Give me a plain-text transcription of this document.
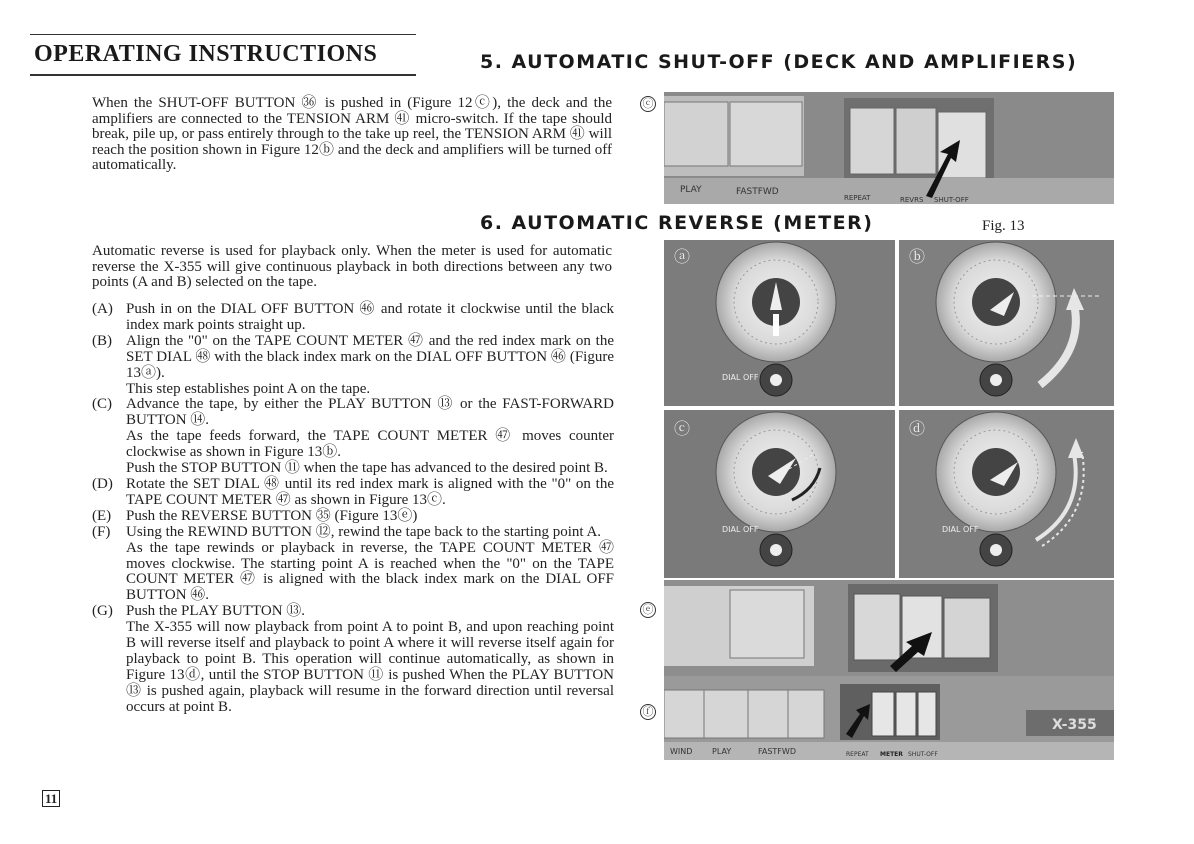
OPERATING INSTRUCTIONS	5. AUTOMATIC SHUT-OFF (DECK AND AMPLIFIERS)
When the SHUT-OFF BUTTON ㊱ is pushed in (Figure 12ⓒ), the deck and the amplifiers are connected to the TENSION ARM ㊶ micro-switch. If the tape should break, pile up, or pass entirely through to the take up reel, the TENSION ARM ㊶ will reach the position shown in Figure 12ⓑ and the deck and amplifiers will be turned off automatically.
ⓒ
PLAY	FASTFWD
REPEAT	REVRS SHUT-OFF
6. AUTOMATIC REVERSE (METER)	Fig. 13
Automatic reverse is used for playback only. When the meter is used for automatic reverse the X-355 will give continuous playback in both directions between any two points (A and B) selected on the tape.
(A) Push in on the DIAL OFF BUTTON ㊻ and rotate it clockwise until the black index mark points straight up.

(B) Align the "0" on the TAPE COUNT METER ㊼ and the red index mark on the SET DIAL ㊽ with the black index mark on the DIAL OFF BUTTON ㊻ (Figure 13ⓐ).

This step establishes point A on the tape.

(C) Advance the tape, by either the PLAY BUTTON ⑬ or the FAST-FORWARD BUTTON ⑭.

As the tape feeds forward, the TAPE COUNT METER ㊼ moves counter clockwise as shown in Figure 13ⓑ.

Push the STOP BUTTON ⑪ when the tape has advanced to the desired point B.

(D) Rotate the SET DIAL ㊽ until its red index mark is aligned with the "0" on the TAPE COUNT METER ㊼ as shown in Figure 13ⓒ.

(E) Push the REVERSE BUTTON ㉟ (Figure 13ⓔ)

(F)	Using the REWIND BUTTON ⑫, rewind the tape back to the starting point A.

As the tape rewinds or playback in reverse, the TAPE COUNT METER ㊼ moves clockwise. The starting point A is reached when the "0" on the TAPE COUNT METER ㊼ is aligned with the black index mark on the DIAL OFF BUTTON ㊻.

(G) Push the PLAY BUTTON ⑬.

The X-355 will now playback from point A to point B, and upon reaching point B will reverse itself and playback to point A where it will reverse itself again for playback to point B. This operation will continue automatically, as shown in Figure 13ⓓ, until the STOP BUTTON ⑪ is pushed When the PLAY BUTTON ⑬ is pushed again, playback will resume in the forward direction until reversal occurs at point B.

DIAL OFF
ⓐ	ⓑ
DIAL OFF
ⓒ
DIAL OFF
ⓓ
ⓔ
ⓕ
X-355
WIND PLAY	FASTFWD	REPEAT METER SHUT-OFF
11
